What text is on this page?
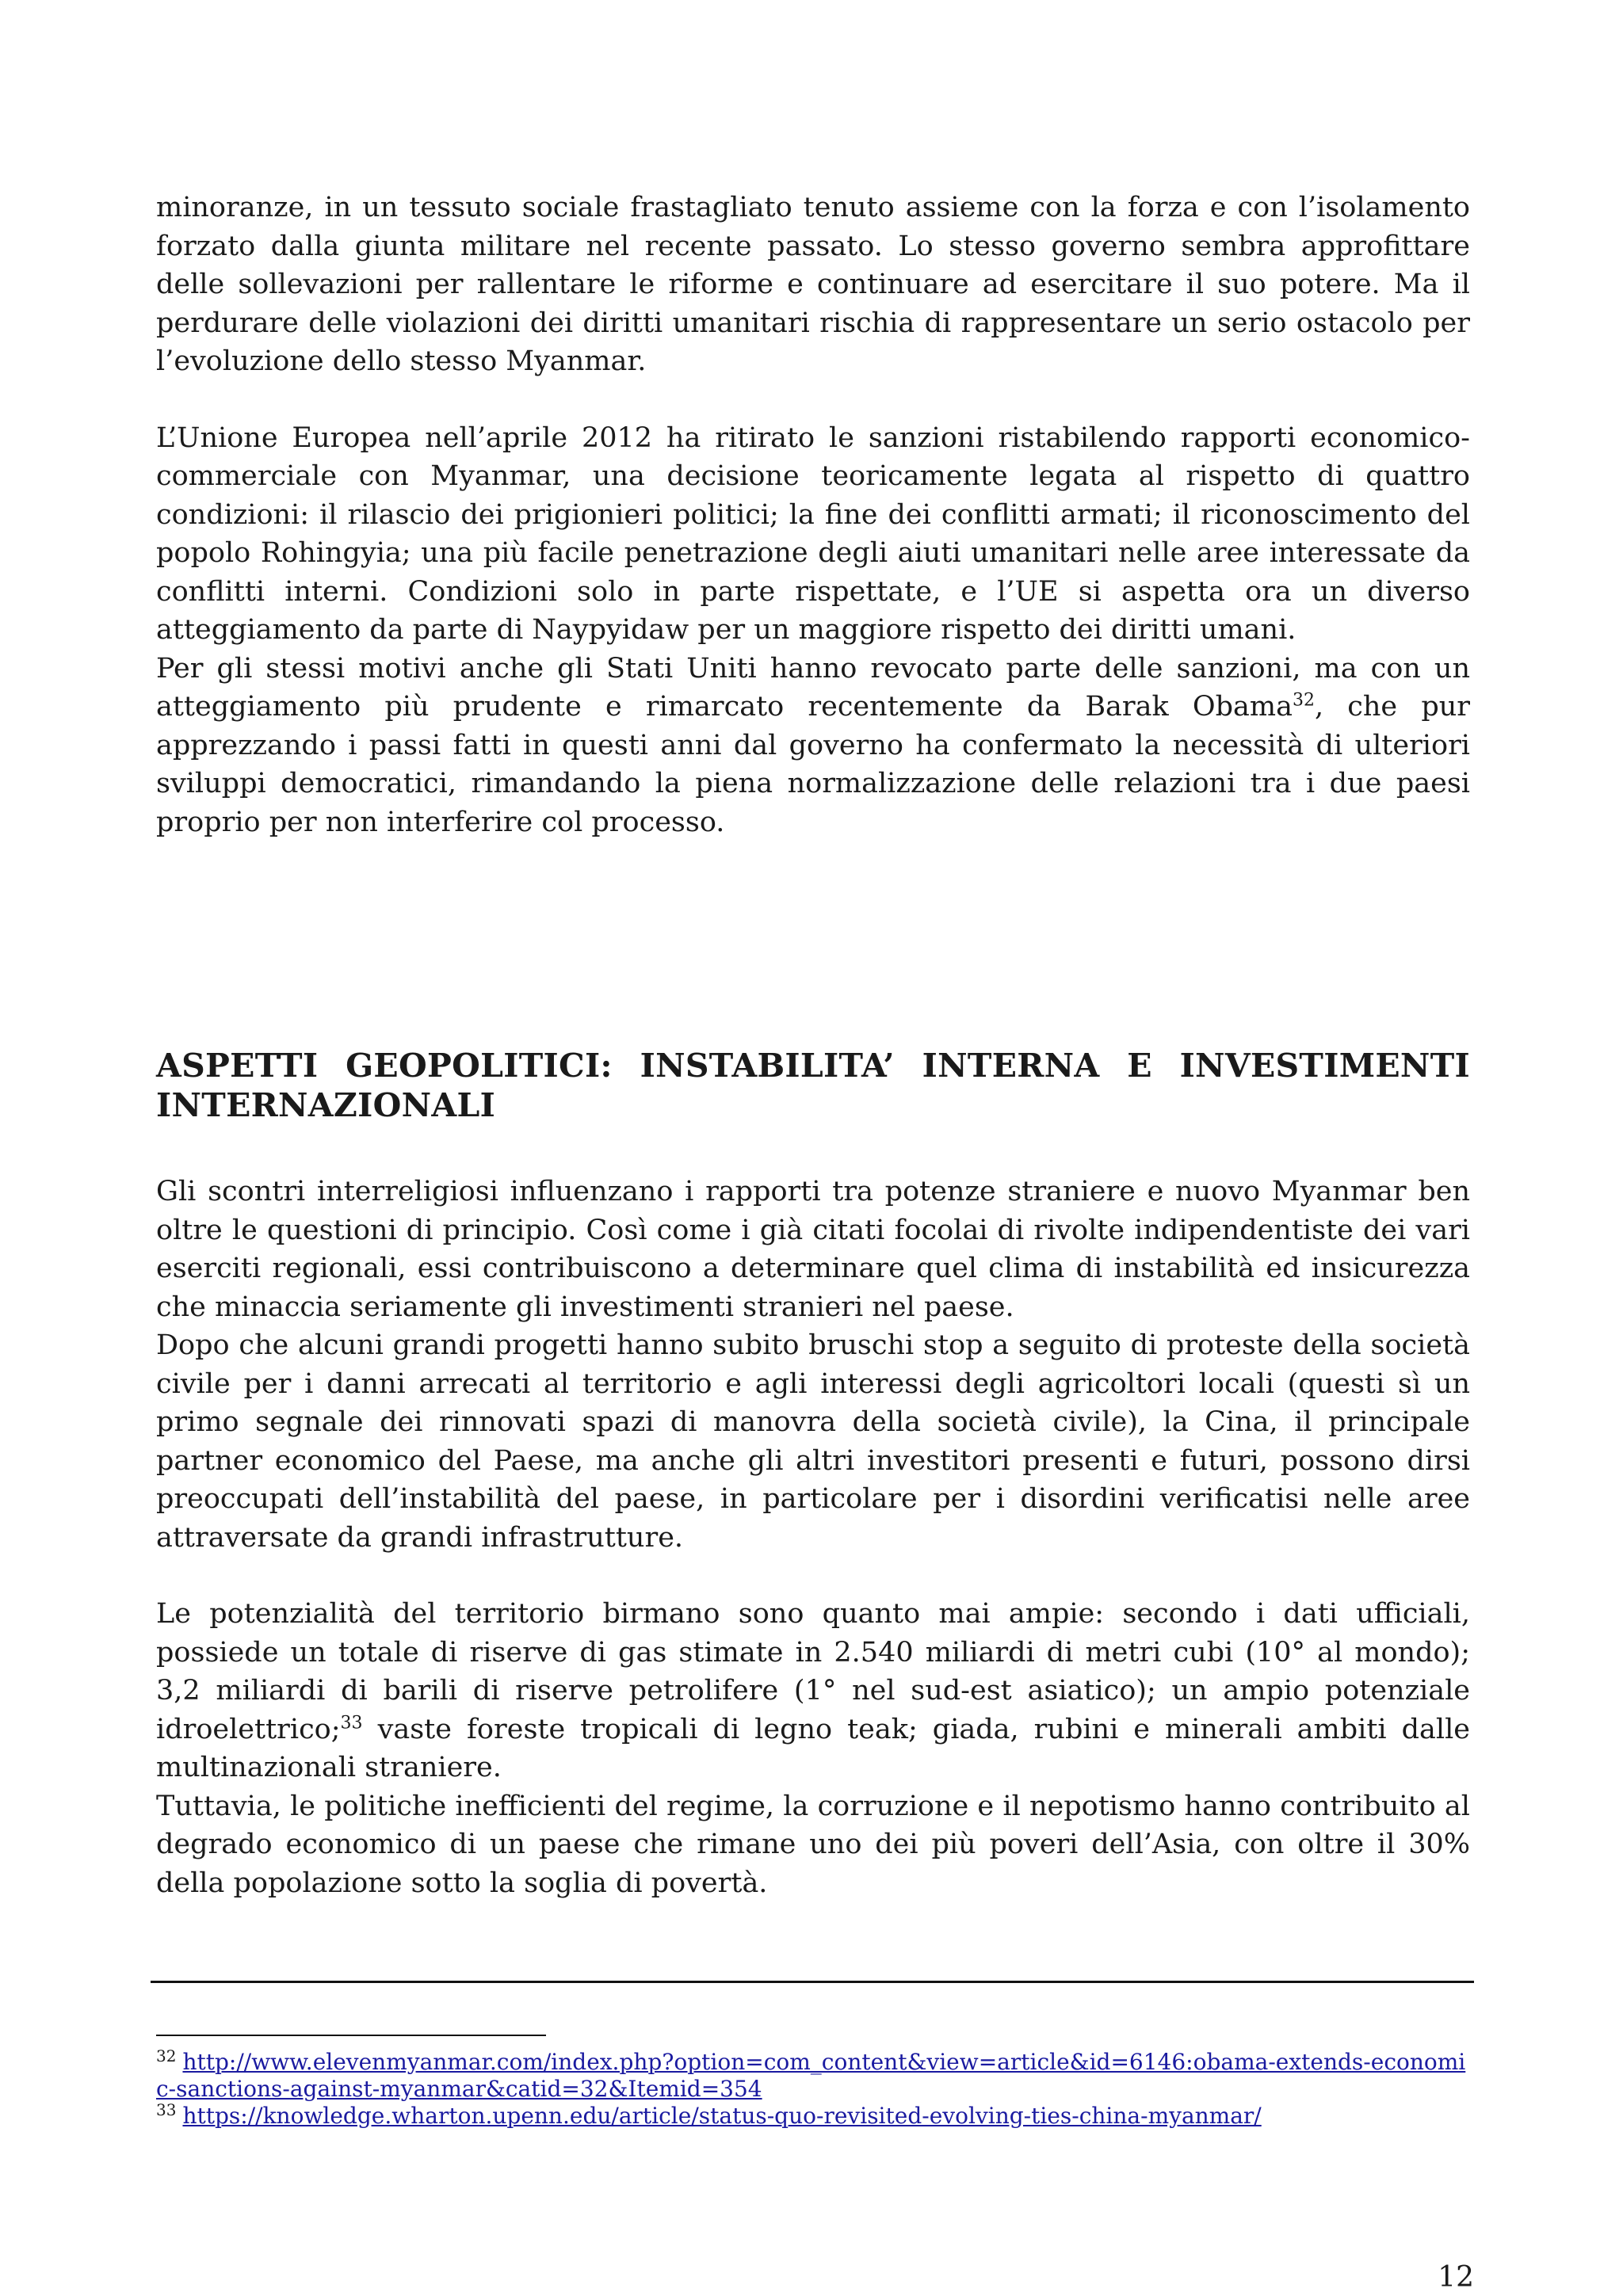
minoranze, in un tessuto sociale frastagliato tenuto assieme con la forza e con l’isolamento forzato dalla giunta militare nel recente passato. Lo stesso governo sembra approfittare delle sollevazioni per rallentare le riforme e continuare ad esercitare il suo potere. Ma il perdurare delle violazioni dei diritti umanitari rischia di rappresentare un serio ostacolo per l’evoluzione dello stesso Myanmar.

L’Unione Europea nell’aprile 2012 ha ritirato le sanzioni ristabilendo rapporti economico-commerciale con Myanmar, una decisione teoricamente legata al rispetto di quattro condizioni: il rilascio dei prigionieri politici; la fine dei conflitti armati; il riconoscimento del popolo Rohingyia; una più facile penetrazione degli aiuti umanitari nelle aree interessate da conflitti interni. Condizioni solo in parte rispettate, e l’UE si aspetta ora un diverso atteggiamento da parte di Naypyidaw per un maggiore rispetto dei diritti umani.

Per gli stessi motivi anche gli Stati Uniti hanno revocato parte delle sanzioni, ma con un atteggiamento più prudente e rimarcato recentemente da Barak Obama$^{32}$, che pur apprezzando i passi fatti in questi anni dal governo ha confermato la necessità di ulteriori sviluppi democratici, rimandando la piena normalizzazione delle relazioni tra i due paesi proprio per non interferire col processo.

ASPETTI GEOPOLITICI: INSTABILITA’ INTERNA E INVESTIMENTI INTERNAZIONALI

Gli scontri interreligiosi influenzano i rapporti tra potenze straniere e nuovo Myanmar ben oltre le questioni di principio. Così come i già citati focolai di rivolte indipendentiste dei vari eserciti regionali, essi contribuiscono a determinare quel clima di instabilità ed insicurezza che minaccia seriamente gli investimenti stranieri nel paese.

Dopo che alcuni grandi progetti hanno subito bruschi stop a seguito di proteste della società civile per i danni arrecati al territorio e agli interessi degli agricoltori locali (questi sì un primo segnale dei rinnovati spazi di manovra della società civile), la Cina, il principale partner economico del Paese, ma anche gli altri investitori presenti e futuri, possono dirsi preoccupati dell’instabilità del paese, in particolare per i disordini verificatisi nelle aree attraversate da grandi infrastrutture.

Le potenzialità del territorio birmano sono quanto mai ampie: secondo i dati ufficiali, possiede un totale di riserve di gas stimate in 2.540 miliardi di metri cubi (10° al mondo); 3,2 miliardi di barili di riserve petrolifere (1° nel sud-est asiatico); un ampio potenziale idroelettrico;$^{33}$ vaste foreste tropicali di legno teak; giada, rubini e minerali ambiti dalle multinazionali straniere.

Tuttavia, le politiche inefficienti del regime, la corruzione e il nepotismo hanno contribuito al degrado economico di un paese che rimane uno dei più poveri dell’Asia, con oltre il 30% della popolazione sotto la soglia di povertà.

$^{32}$ http://www.elevenmyanmar.com/index.php?option=com_content&view=article&id=6146:obama-extends-economic-sanctions-against-myanmar&catid=32&Itemid=354

$^{33}$ https://knowledge.wharton.upenn.edu/article/status-quo-revisited-evolving-ties-china-myanmar/

12
